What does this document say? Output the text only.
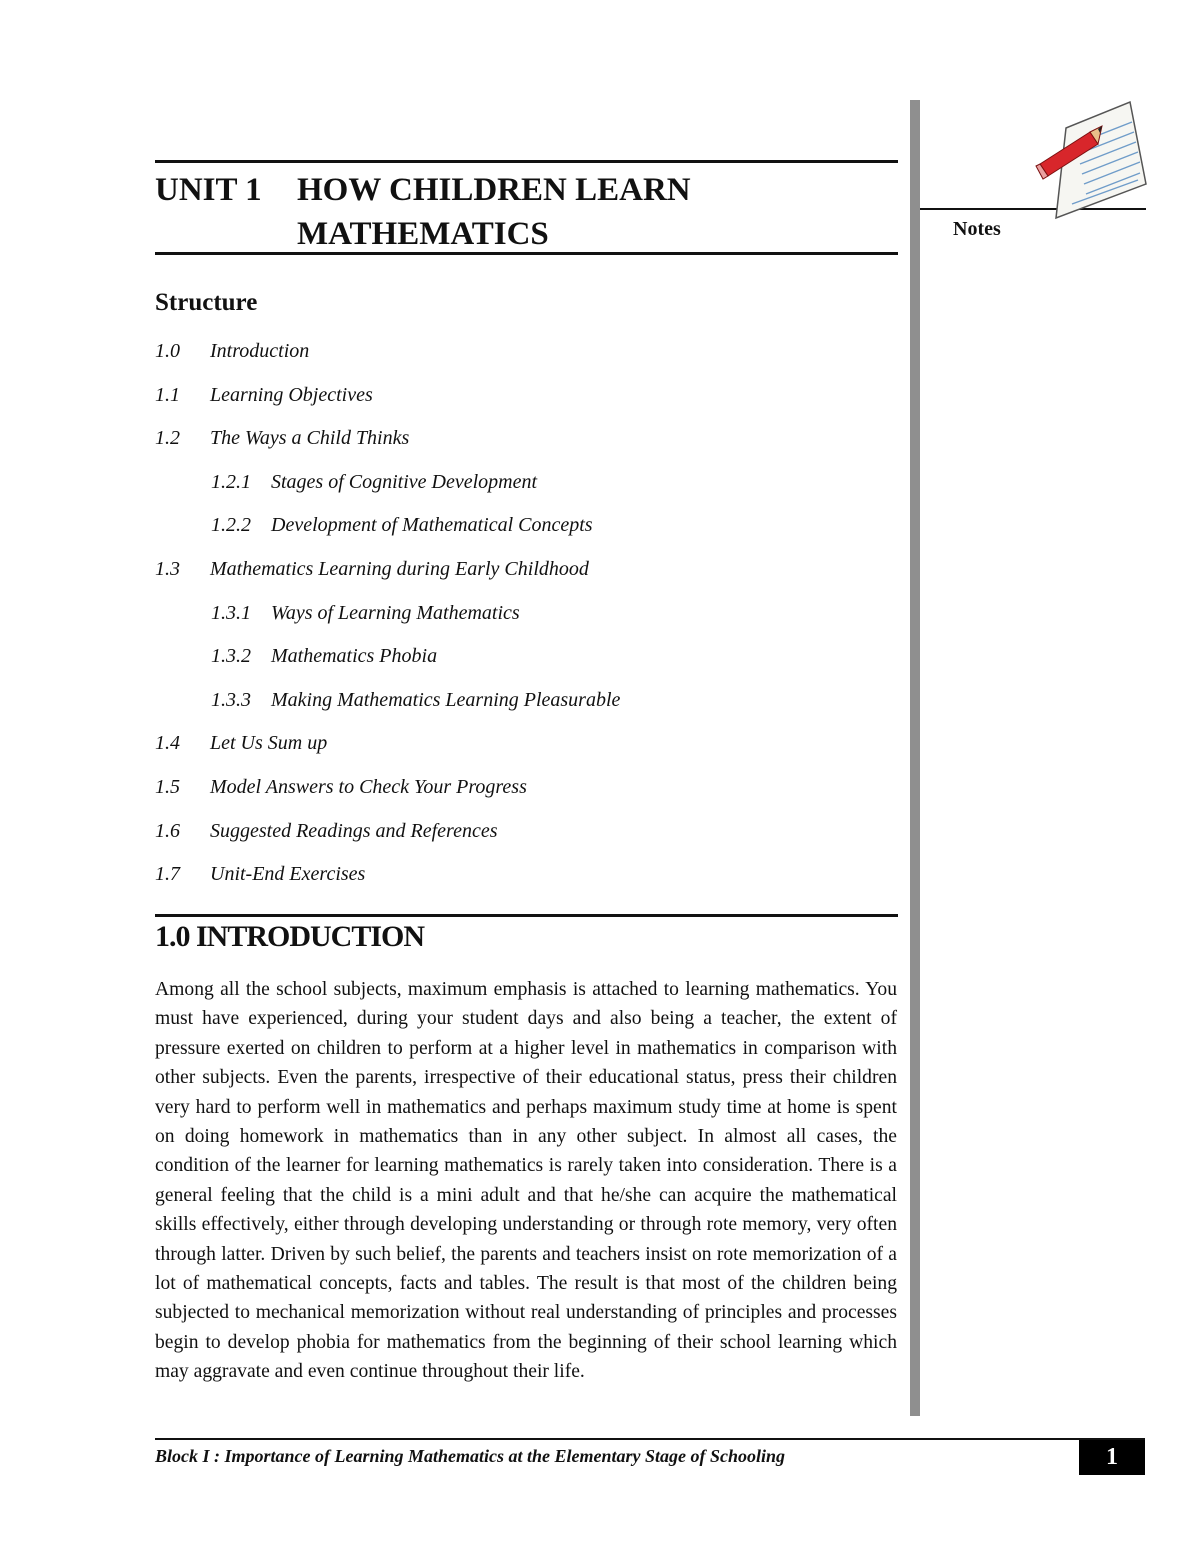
UNIT 1 HOW CHILDREN LEARN
MATHEMATICS
Structure
1.0 Introduction
1.1 Learning Objectives
1.2 The Ways a Child Thinks
1.2.1 Stages of Cognitive Development
1.2.2 Development of Mathematical Concepts
1.3 Mathematics Learning during Early Childhood
1.3.1 Ways of Learning Mathematics
1.3.2 Mathematics Phobia
1.3.3 Making Mathematics Learning Pleasurable
1.4 Let Us Sum up
1.5 Model Answers to Check Your Progress
1.6 Suggested Readings and References
1.7 Unit-End Exercises
1.0 INTRODUCTION

Among all the school subjects, maximum emphasis is attached to learning mathematics. You must have experienced, during your student days and also being a teacher, the extent of pressure exerted on children to perform at a higher level in mathematics in comparison with other subjects. Even the parents, irrespective of their educational status, press their children very hard to perform well in mathematics and perhaps maximum study time at home is spent on doing homework in mathematics than in any other subject. In almost all cases, the condition of the learner for learning mathematics is rarely taken into consideration. There is a general feeling that the child is a mini adult and that he/she can acquire the mathematical skills effectively, either through developing understanding or through rote memory, very often through latter. Driven by such belief, the parents and teachers insist on rote memorization of a lot of mathematical concepts, facts and tables. The result is that most of the children being subjected to mechanical memorization without real understanding of principles and processes begin to develop phobia for mathematics from the beginning of their school learning which may aggravate and even continue throughout their life.

Notes
Block I : Importance of Learning Mathematics at the Elementary Stage of Schooling	1
